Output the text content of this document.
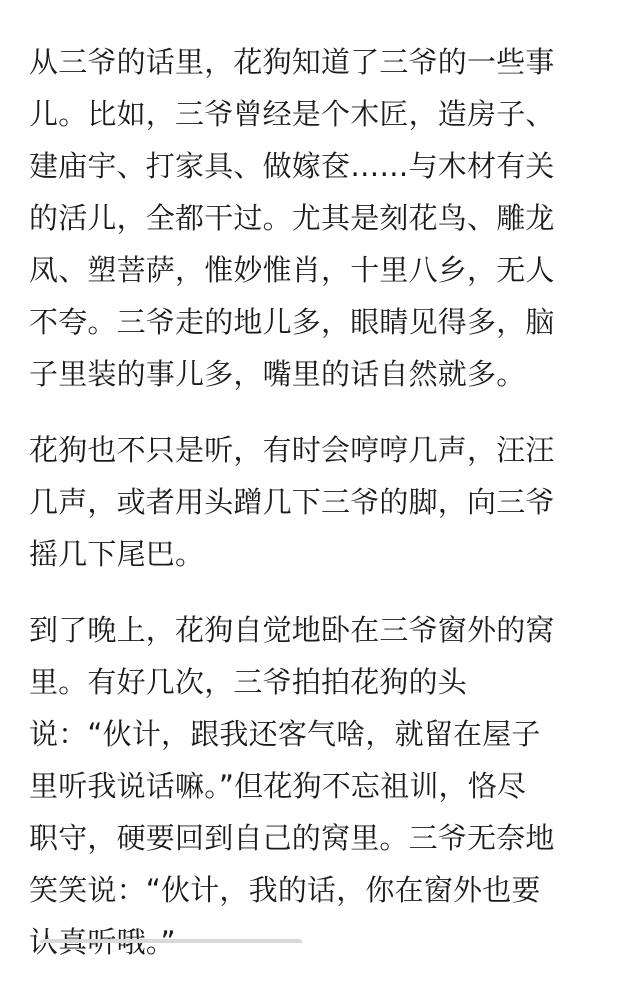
从三爷的话里，花狗知道了三爷的一些事
儿。比如，三爷曾经是个木匠，造房子、
建庙宇、打家具、做嫁奁……与木材有关
的活儿，全都干过。尤其是刻花鸟、雕龙
凤、塑菩萨，惟妙惟肖，十里八乡，无人
不夸。三爷走的地儿多，眼睛见得多，脑
子里装的事儿多，嘴里的话自然就多。
花狗也不只是听，有时会哼哼几声，汪汪
几声，或者用头蹭几下三爷的脚，向三爷
摇几下尾巴。
到了晚上，花狗自觉地卧在三爷窗外的窝
里。有好几次，三爷拍拍花狗的头
说：“伙计，跟我还客气啥，就留在屋子
里听我说话嘛。”但花狗不忘祖训，恪尽
职守，硬要回到自己的窝里。三爷无奈地
笑笑说：“伙计，我的话，你在窗外也要
认真听哦。”
